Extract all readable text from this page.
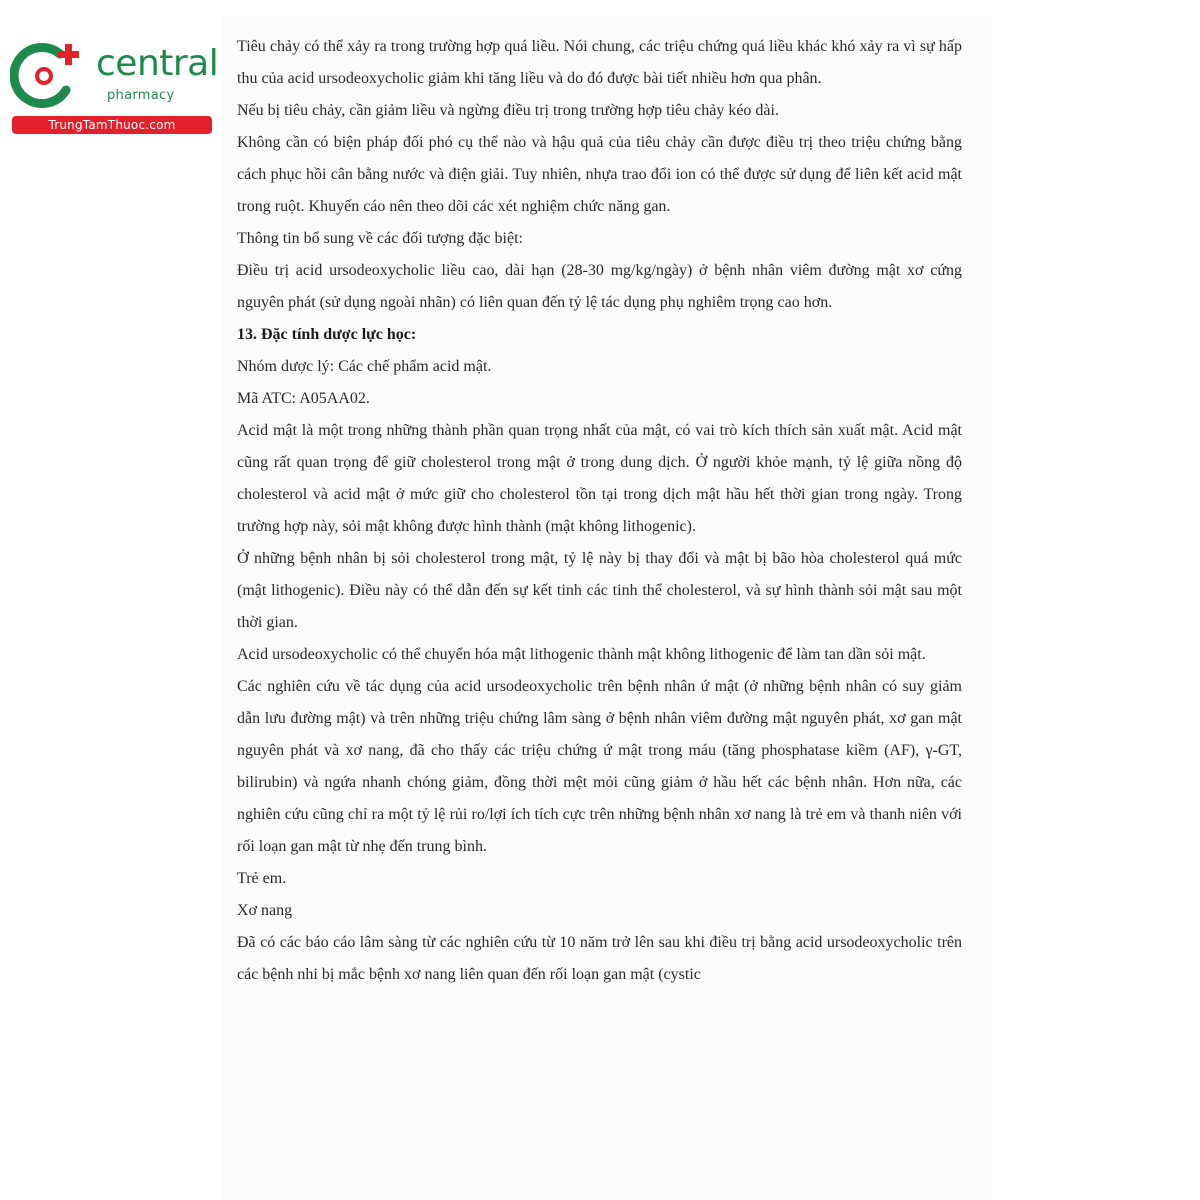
central
pharmacy
TrungTamThuoc.com

Tiêu chảy có thể xảy ra trong trường hợp quá liều. Nói chung, các triệu chứng quá liều khác khó xảy ra vì sự hấp thu của acid ursodeoxycholic giảm khi tăng liều và do đó được bài tiết nhiều hơn qua phân.

Nếu bị tiêu chảy, cần giảm liều và ngừng điều trị trong trường hợp tiêu chảy kéo dài.

Không cần có biện pháp đối phó cụ thể nào và hậu quả của tiêu chảy cần được điều trị theo triệu chứng bằng cách phục hồi cân bằng nước và điện giải. Tuy nhiên, nhựa trao đổi ion có thể được sử dụng để liên kết acid mật trong ruột. Khuyến cáo nên theo dõi các xét nghiệm chức năng gan.

Thông tin bổ sung về các đối tượng đặc biệt:

Điều trị acid ursodeoxycholic liều cao, dài hạn (28-30 mg/kg/ngày) ở bệnh nhân viêm đường mật xơ cứng nguyên phát (sử dụng ngoài nhãn) có liên quan đến tỷ lệ tác dụng phụ nghiêm trọng cao hơn.

13. Đặc tính dược lực học:

Nhóm dược lý: Các chế phẩm acid mật.

Mã ATC: A05AA02.

Acid mật là một trong những thành phần quan trọng nhất của mật, có vai trò kích thích sản xuất mật. Acid mật cũng rất quan trọng để giữ cholesterol trong mật ở trong dung dịch. Ở người khỏe mạnh, tỷ lệ giữa nồng độ cholesterol và acid mật ở mức giữ cho cholesterol tồn tại trong dịch mật hầu hết thời gian trong ngày. Trong trường hợp này, sỏi mật không được hình thành (mật không lithogenic).

Ở những bệnh nhân bị sỏi cholesterol trong mật, tỷ lệ này bị thay đổi và mật bị bão hòa cholesterol quá mức (mật lithogenic). Điều này có thể dẫn đến sự kết tinh các tinh thể cholesterol, và sự hình thành sỏi mật sau một thời gian.

Acid ursodeoxycholic có thể chuyển hóa mật lithogenic thành mật không lithogenic để làm tan dần sỏi mật.

Các nghiên cứu về tác dụng của acid ursodeoxycholic trên bệnh nhân ứ mật (ở những bệnh nhân có suy giảm dẫn lưu đường mật) và trên những triệu chứng lâm sàng ở bệnh nhân viêm đường mật nguyên phát, xơ gan mật nguyên phát và xơ nang, đã cho thấy các triệu chứng ứ mật trong máu (tăng phosphatase kiềm (AF), γ-GT, bilirubin) và ngứa nhanh chóng giảm, đồng thời mệt mỏi cũng giảm ở hầu hết các bệnh nhân. Hơn nữa, các nghiên cứu cũng chỉ ra một tỷ lệ rủi ro/lợi ích tích cực trên những bệnh nhân xơ nang là trẻ em và thanh niên với rối loạn gan mật từ nhẹ đến trung bình.

Trẻ em.

Xơ nang

Đã có các báo cáo lâm sàng từ các nghiên cứu từ 10 năm trở lên sau khi điều trị bằng acid ursodeoxycholic trên các bệnh nhi bị mắc bệnh xơ nang liên quan đến rối loạn gan mật (cystic
